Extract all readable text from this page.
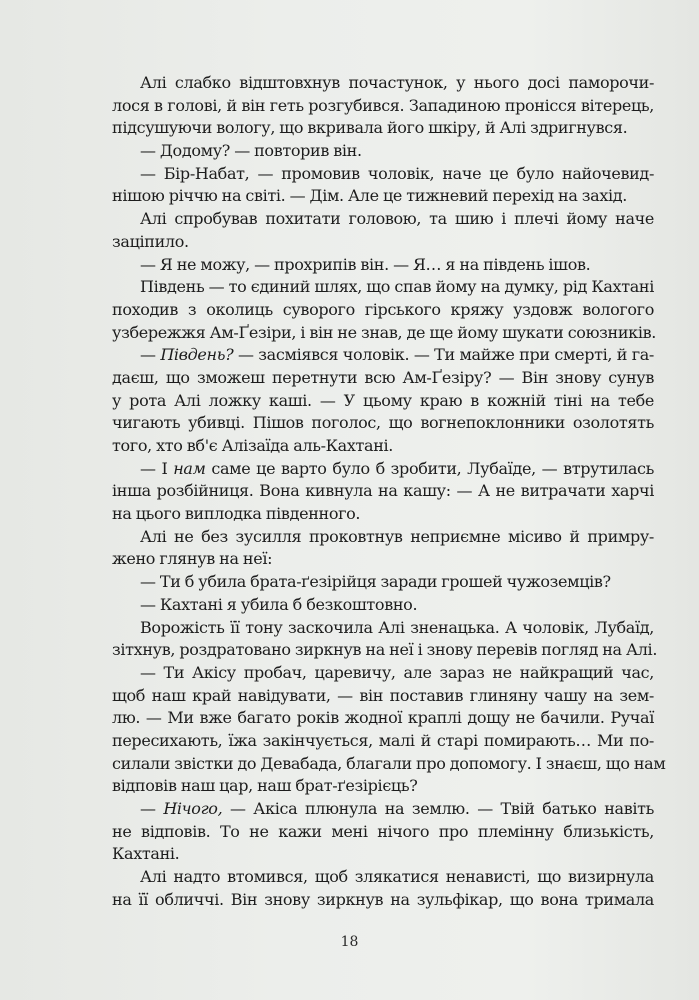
Алі слабко відштовхнув почастунок, у нього досі паморочи-
лося в голові, й він геть розгубився. Западиною пронісся вітерець,
підсушуючи вологу, що вкривала його шкіру, й Алі здригнувся.
— Додому? — повторив він.
— Бір-Набат, — промовив чоловік, наче це було найочевид-
нішою річчю на світі. — Дім. Але це тижневий перехід на захід.
Алі спробував похитати головою, та шию і плечі йому наче
заціпило.
— Я не можу, — прохрипів він. — Я… я на південь ішов.
Південь — то єдиний шлях, що спав йому на думку, рід Кахтані
походив з околиць суворого гірського кряжу уздовж вологого
узбережжя Ам-Ґезіри, і він не знав, де ще йому шукати союзників.
— Південь? — засміявся чоловік. — Ти майже при смерті, й га-
даєш, що зможеш перетнути всю Ам-Ґезіру? — Він знову сунув
у рота Алі ложку каші. — У цьому краю в кожній тіні на тебе
чигають убивці. Пішов поголос, що вогнепоклонники озолотять
того, хто вб'є Алізаїда аль-Кахтані.
— І нам саме це варто було б зробити, Лубаїде, — втрутилась
інша розбійниця. Вона кивнула на кашу: — А не витрачати харчі
на цього виплодка південного.
Алі не без зусилля проковтнув неприємне місиво й примру-
жено глянув на неї:
— Ти б убила брата-ґезірійця заради грошей чужоземців?
— Кахтані я убила б безкоштовно.
Ворожість її тону заскочила Алі зненацька. А чоловік, Лубаїд,
зітхнув, роздратовано зиркнув на неї і знову перевів погляд на Алі.
— Ти Акісу пробач, царевичу, але зараз не найкращий час,
щоб наш край навідувати, — він поставив глиняну чашу на зем-
лю. — Ми вже багато років жодної краплі дощу не бачили. Ручаї
пересихають, їжа закінчується, малі й старі помирають… Ми по-
силали звістки до Девабада, благали про допомогу. І знаєш, що нам
відповів наш цар, наш брат-ґезірієць?
— Нічого, — Акіса плюнула на землю. — Твій батько навіть
не відповів. То не кажи мені нічого про племінну близькість,
Кахтані.
Алі надто втомився, щоб злякатися ненависті, що визирнула
на її обличчі. Він знову зиркнув на зульфікар, що вона тримала
18
